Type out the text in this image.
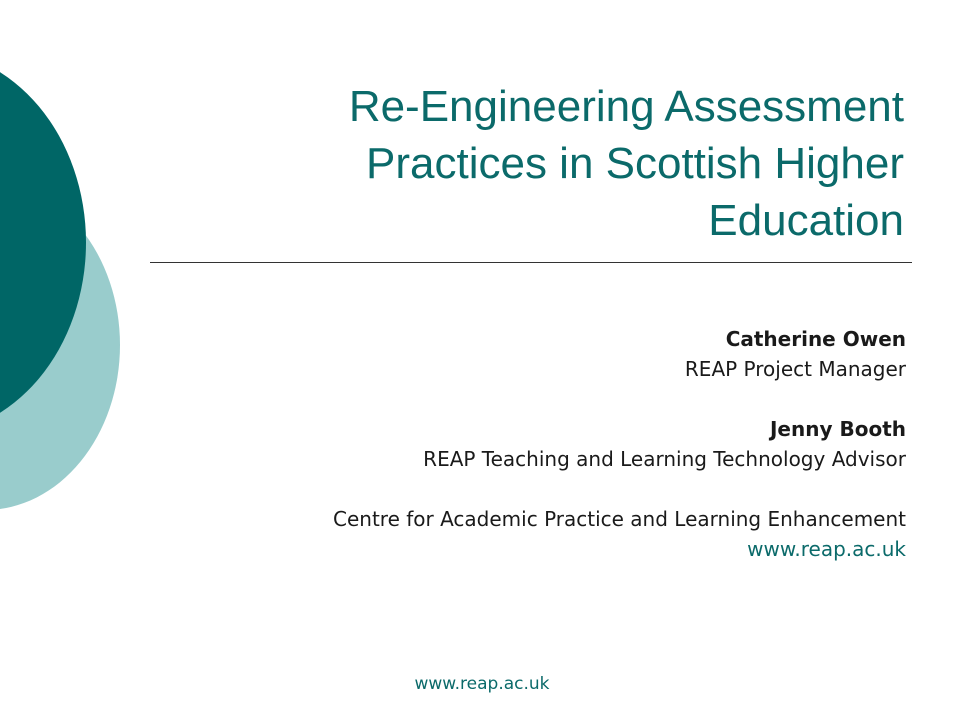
Re-Engineering Assessment
Practices in Scottish Higher
Education
Catherine Owen
REAP Project Manager
Jenny Booth
REAP Teaching and Learning Technology Advisor
Centre for Academic Practice and Learning Enhancement
www.reap.ac.uk
www.reap.ac.uk
